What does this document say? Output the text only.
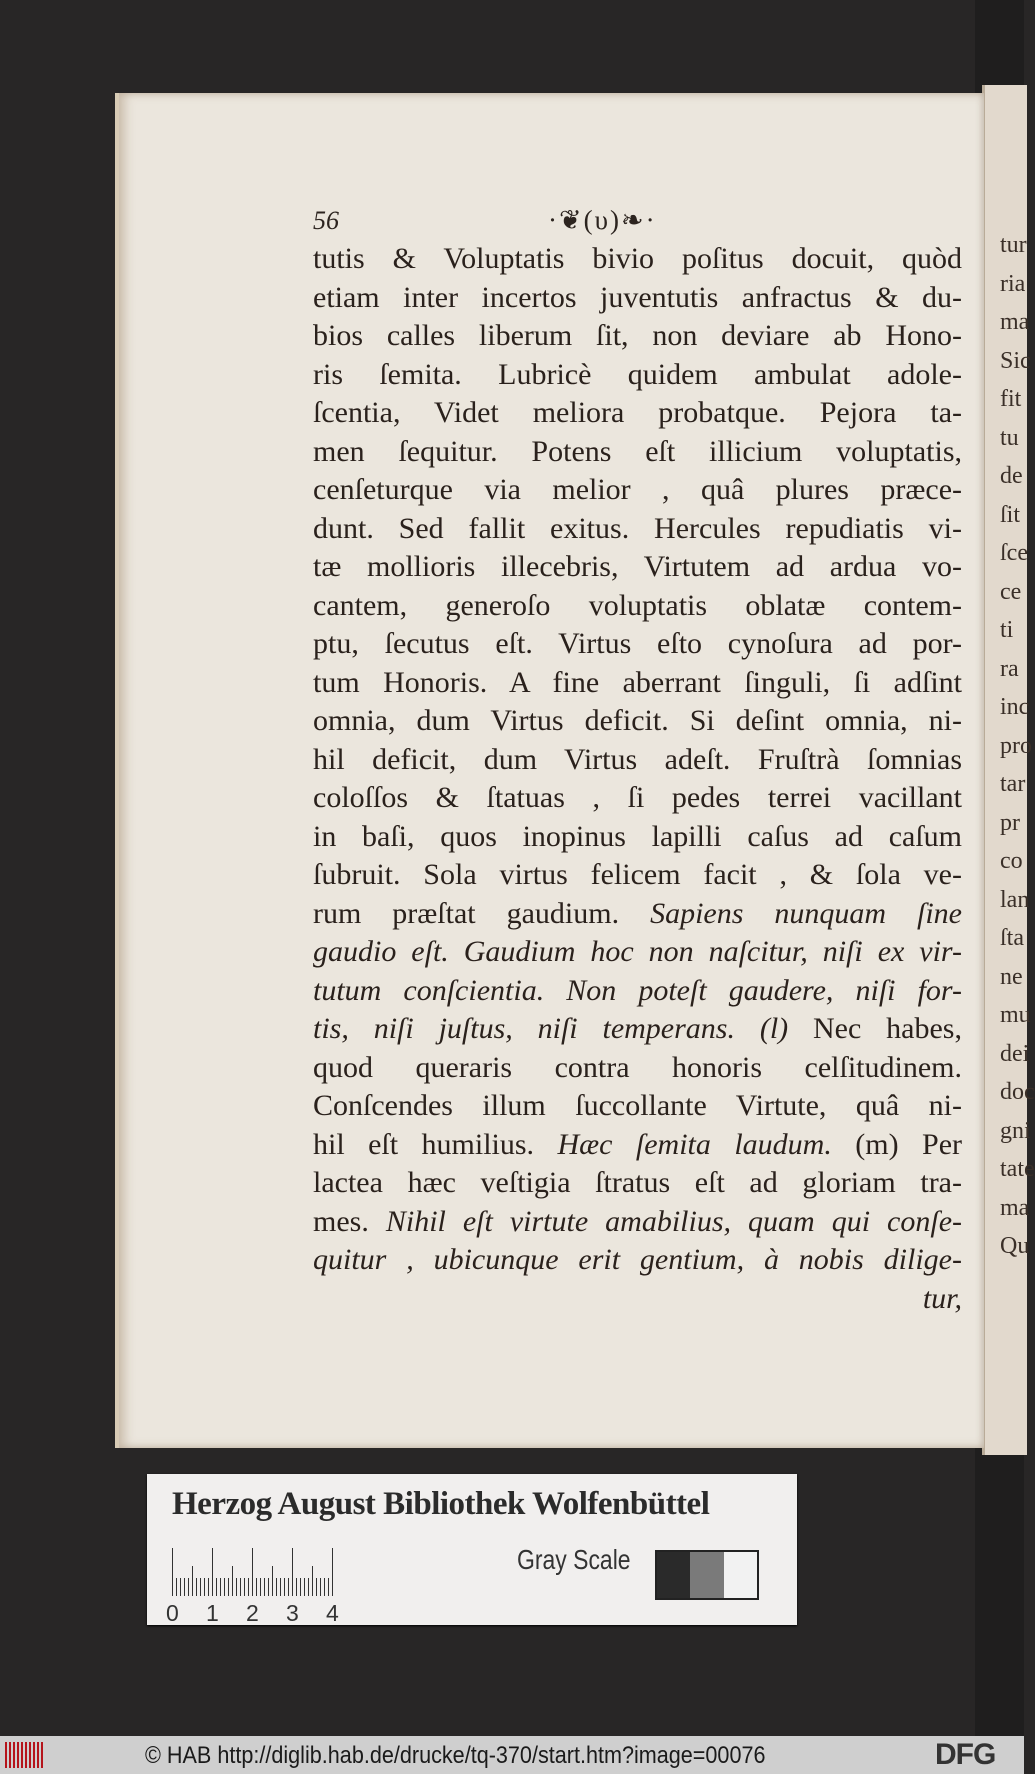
56	·❦(υ)❧·
tutis & Voluptatis bivio poſitus docuit, quòd
etiam inter incertos juventutis anfractus & du-
bios calles liberum ſit, non deviare ab Hono-
ris ſemita. Lubricè quidem ambulat adole-
ſcentia, Videt meliora probatque. Pejora ta-
men ſequitur. Potens eſt illicium voluptatis,
cenſeturque via melior , quâ plures præce-
dunt. Sed fallit exitus. Hercules repudiatis vi-
tæ mollioris illecebris, Virtutem ad ardua vo-
cantem, generoſo voluptatis oblatæ contem-
ptu, ſecutus eſt. Virtus eſto cynoſura ad por-
tum Honoris. A fine aberrant ſinguli, ſi adſint
omnia, dum Virtus deficit. Si deſint omnia, ni-
hil deficit, dum Virtus adeſt. Fruſtrà ſomnias
coloſſos & ſtatuas , ſi pedes terrei vacillant
in baſi, quos inopinus lapilli caſus ad caſum
ſubruit. Sola virtus felicem facit , & ſola ve-
rum præſtat gaudium. Sapiens nunquam ſine
gaudio eſt. Gaudium hoc non naſcitur, niſi ex vir-
tutum conſcientia. Non poteſt gaudere, niſi for-
tis, niſi juſtus, niſi temperans. (l) Nec habes,
quod queraris contra honoris celſitudinem.
Conſcendes illum ſuccollante Virtute, quâ ni-
hil eſt humilius. Hæc ſemita laudum. (m) Per
lactea hæc veſtigia ſtratus eſt ad gloriam tra-
mes. Nihil eſt virtute amabilius, quam qui conſe-
quitur , ubicunque erit gentium, à nobis dilige-
tur,
Herzog August Bibliothek Wolfenbüttel
Gray Scale
0 1 2 3 4
© HAB http://diglib.hab.de/drucke/tq-370/start.htm?image=00076	DFG
tur
ria
ma
Sic
fit
tu
de
ſit
ſce
ce
ti
ra
inc
pro
tar
pr
co
lan
ſta
ne
mu
dei
doc
gni
tate
ma
Qu
